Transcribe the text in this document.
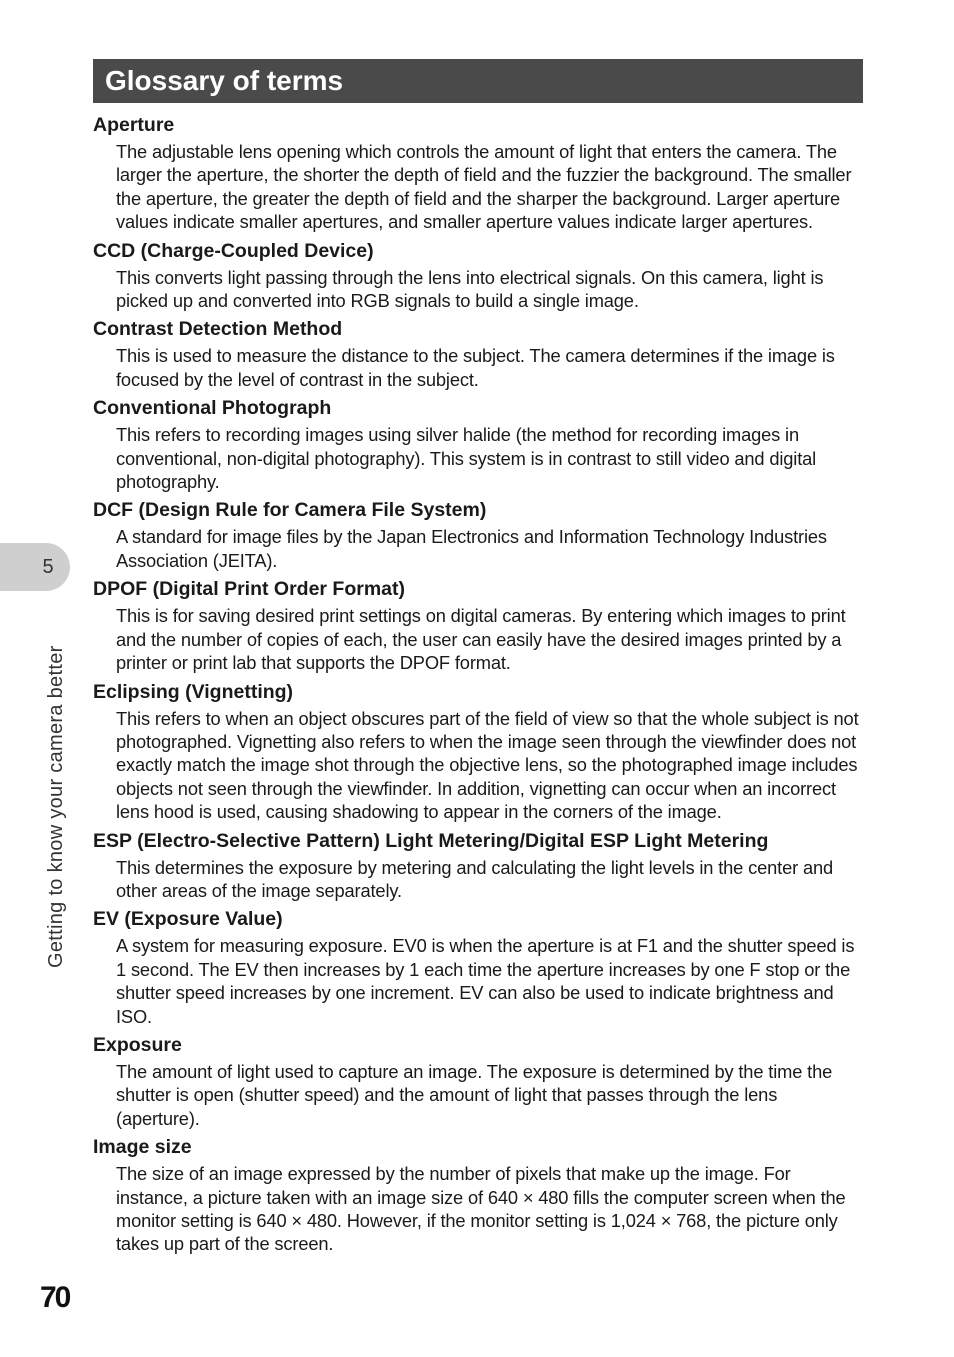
Glossary of terms
Aperture

The adjustable lens opening which controls the amount of light that enters the camera. The larger the aperture, the shorter the depth of field and the fuzzier the background. The smaller the aperture, the greater the depth of field and the sharper the background. Larger aperture values indicate smaller apertures, and smaller aperture values indicate larger apertures.

CCD (Charge-Coupled Device)

This converts light passing through the lens into electrical signals. On this camera, light is picked up and converted into RGB signals to build a single image.

Contrast Detection Method

This is used to measure the distance to the subject. The camera determines if the image is focused by the level of contrast in the subject.

Conventional Photograph

This refers to recording images using silver halide (the method for recording images in conventional, non-digital photography). This system is in contrast to still video and digital photography.

DCF (Design Rule for Camera File System)

A standard for image files by the Japan Electronics and Information Technology Industries Association (JEITA).

DPOF (Digital Print Order Format)

This is for saving desired print settings on digital cameras. By entering which images to print and the number of copies of each, the user can easily have the desired images printed by a printer or print lab that supports the DPOF format.

Eclipsing (Vignetting)

This refers to when an object obscures part of the field of view so that the whole subject is not photographed. Vignetting also refers to when the image seen through the viewfinder does not exactly match the image shot through the objective lens, so the photographed image includes objects not seen through the viewfinder. In addition, vignetting can occur when an incorrect lens hood is used, causing shadowing to appear in the corners of the image.

ESP (Electro-Selective Pattern) Light Metering/Digital ESP Light Metering

This determines the exposure by metering and calculating the light levels in the center and other areas of the image separately.

EV (Exposure Value)

A system for measuring exposure. EV0 is when the aperture is at F1 and the shutter speed is 1 second. The EV then increases by 1 each time the aperture increases by one F stop or the shutter speed increases by one increment. EV can also be used to indicate brightness and ISO.

Exposure

The amount of light used to capture an image. The exposure is determined by the time the shutter is open (shutter speed) and the amount of light that passes through the lens (aperture).

Image size

The size of an image expressed by the number of pixels that make up the image. For instance, a picture taken with an image size of 640 × 480 fills the computer screen when the monitor setting is 640 × 480. However, if the monitor setting is 1,024 × 768, the picture only takes up part of the screen.

5
Getting to know your camera better
70
